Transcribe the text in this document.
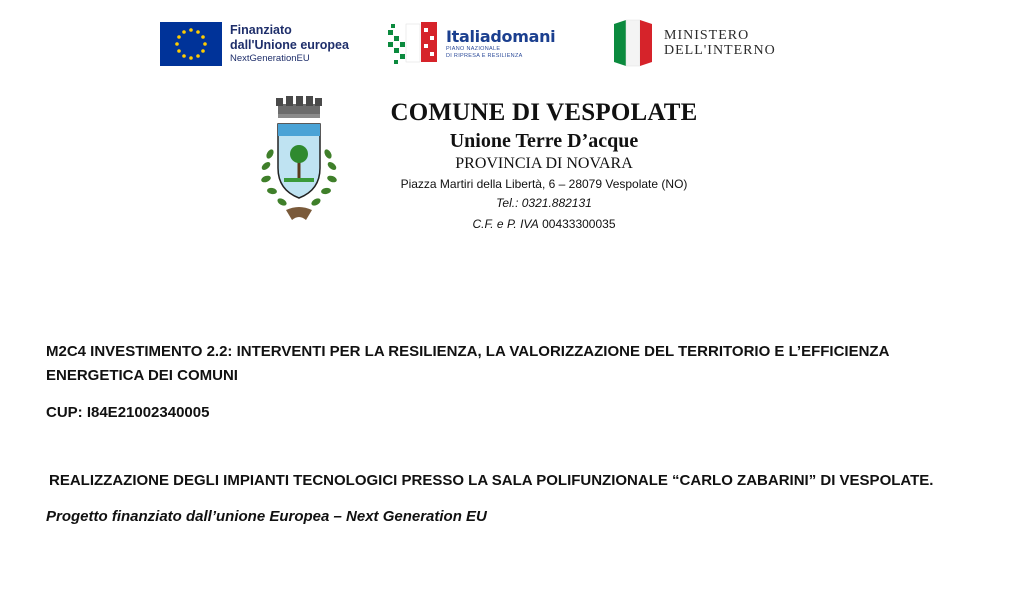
Finanziato
dall'Unione europea
NextGenerationEU
Italiadomani
PIANO NAZIONALE
DI RIPRESA E RESILIENZA
MINISTERO
DELL'INTERNO
COMUNE DI VESPOLATE
Unione Terre D’acque
PROVINCIA DI NOVARA
Piazza Martiri della Libertà, 6 – 28079 Vespolate (NO)
Tel.: 0321.882131
C.F. e P. IVA 00433300035

M2C4 INVESTIMENTO 2.2: INTERVENTI PER LA RESILIENZA, LA VALORIZZAZIONE DEL TERRITORIO E L’EFFICIENZA ENERGETICA DEI COMUNI

CUP: I84E21002340005

REALIZZAZIONE DEGLI IMPIANTI TECNOLOGICI PRESSO LA SALA POLIFUNZIONALE “CARLO ZABARINI” DI VESPOLATE.

Progetto finanziato dall’unione Europea – Next Generation EU
